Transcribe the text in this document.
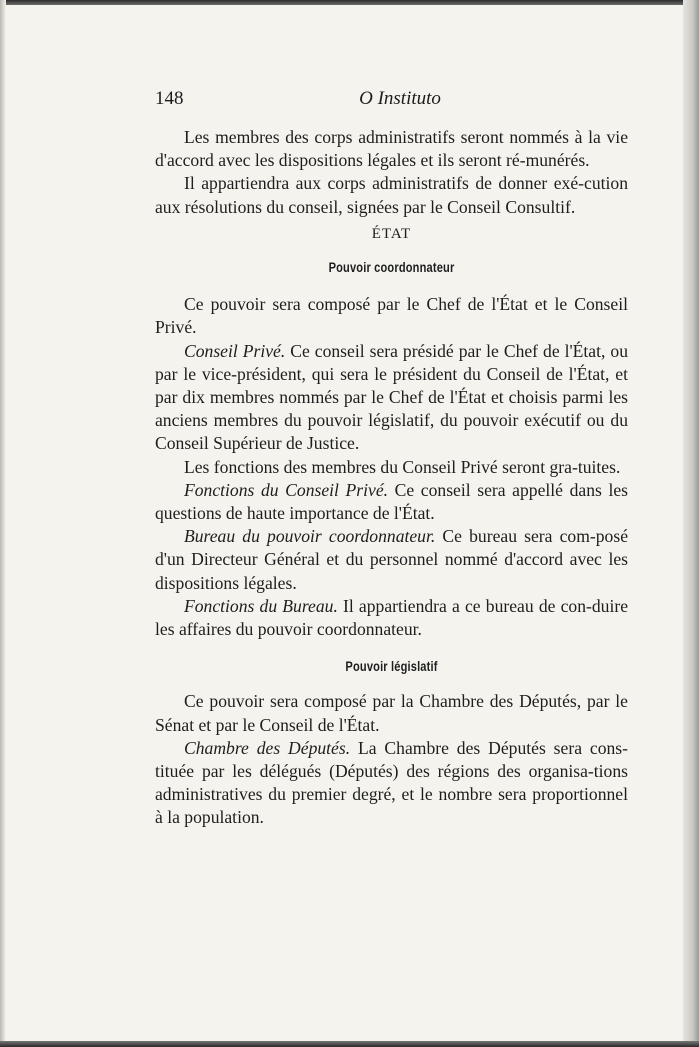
148	O Instituto

Les membres des corps administratifs seront nommés à la vie d'accord avec les dispositions légales et ils seront ré-munérés.

Il appartiendra aux corps administratifs de donner exé-cution aux résolutions du conseil, signées par le Conseil Consultif.

ÉTAT
Pouvoir coordonnateur

Ce pouvoir sera composé par le Chef de l'État et le Conseil Privé.

Conseil Privé. Ce conseil sera présidé par le Chef de l'État, ou par le vice-président, qui sera le président du Conseil de l'État, et par dix membres nommés par le Chef de l'État et choisis parmi les anciens membres du pouvoir législatif, du pouvoir exécutif ou du Conseil Supérieur de Justice.

Les fonctions des membres du Conseil Privé seront gra-tuites.

Fonctions du Conseil Privé. Ce conseil sera appellé dans les questions de haute importance de l'État.

Bureau du pouvoir coordonnateur. Ce bureau sera com-posé d'un Directeur Général et du personnel nommé d'accord avec les dispositions légales.

Fonctions du Bureau. Il appartiendra a ce bureau de con-duire les affaires du pouvoir coordonnateur.

Pouvoir législatif

Ce pouvoir sera composé par la Chambre des Députés, par le Sénat et par le Conseil de l'État.

Chambre des Députés. La Chambre des Députés sera cons-tituée par les délégués (Députés) des régions des organisa-tions administratives du premier degré, et le nombre sera proportionnel à la population.
